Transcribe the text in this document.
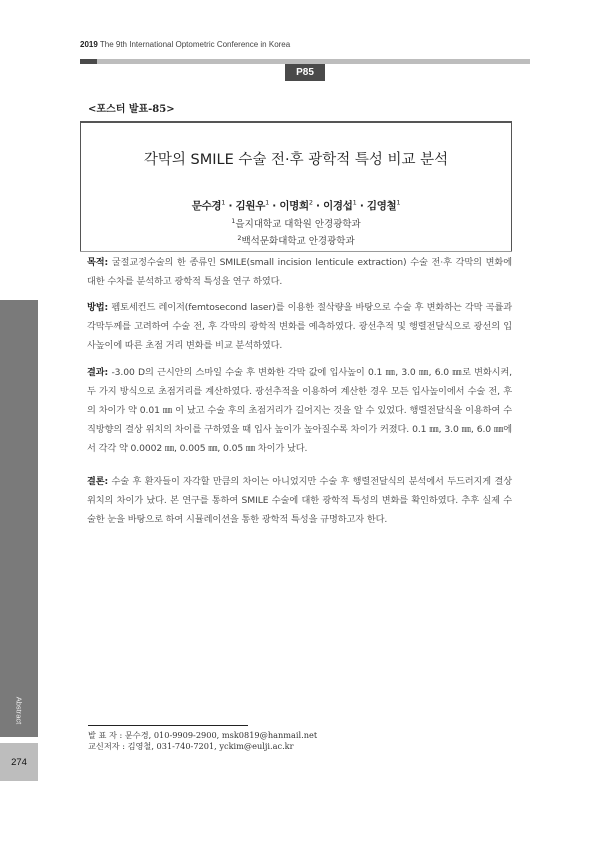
2019 The 9th International Optometric Conference in Korea
P85
<포스터 발표-85>
각막의 SMILE 수술 전·후 광학적 특성 비교 분석
문수경$^1$ · 김원우$^1$ · 이명희$^2$ · 이경섭$^1$ · 김영철$^1$
$^1$을지대학교 대학원 안경광학과
$^2$백석문화대학교 안경광학과
목적: 굴절교정수술의 한 종류인 SMILE(small incision lenticule extraction) 수술 전·후 각막의 변화에 대한 수차를 분석하고 광학적 특성을 연구 하였다.
방법: 펨토세컨드 레이저(femtosecond laser)를 이용한 절삭량을 바탕으로 수술 후 변화하는 각막 곡률과 각막두께를 고려하여 수술 전, 후 각막의 광학적 변화를 예측하였다. 광선추적 및 행렬전달식으로 광선의 입사높이에 따른 초점 거리 변화를 비교 분석하였다.
결과: -3.00 D의 근시안의 스마일 수술 후 변화한 각막 값에 입사높이 0.1 ㎜, 3.0 ㎜, 6.0 ㎜로 변화시켜, 두 가지 방식으로 초점거리를 계산하였다. 광선추적을 이용하여 계산한 경우 모든 입사높이에서 수술 전, 후의 차이가 약 0.01 ㎜ 이 났고 수술 후의 초점거리가 길어지는 것을 알 수 있었다. 행렬전달식을 이용하여 수직방향의 결상 위치의 차이를 구하였을 때 입사 높이가 높아질수록 차이가 커졌다. 0.1 ㎜, 3.0 ㎜, 6.0 ㎜에서 각각 약 0.0002 ㎜, 0.005 ㎜, 0.05 ㎜ 차이가 났다.
결론: 수술 후 환자들이 자각할 만큼의 차이는 아니었지만 수술 후 행렬전달식의 분석에서 두드러지게 결상위치의 차이가 났다. 본 연구를 통하여 SMILE 수술에 대한 광학적 특성의 변화를 확인하였다. 추후 실제 수술한 눈을 바탕으로 하여 시뮬레이션을 통한 광학적 특성을 규명하고자 한다.
Abstract
274
발 표 자 : 문수경, 010-9909-2900, msk0819@hanmail.net
교신저자 : 김영철, 031-740-7201, yckim@eulji.ac.kr
